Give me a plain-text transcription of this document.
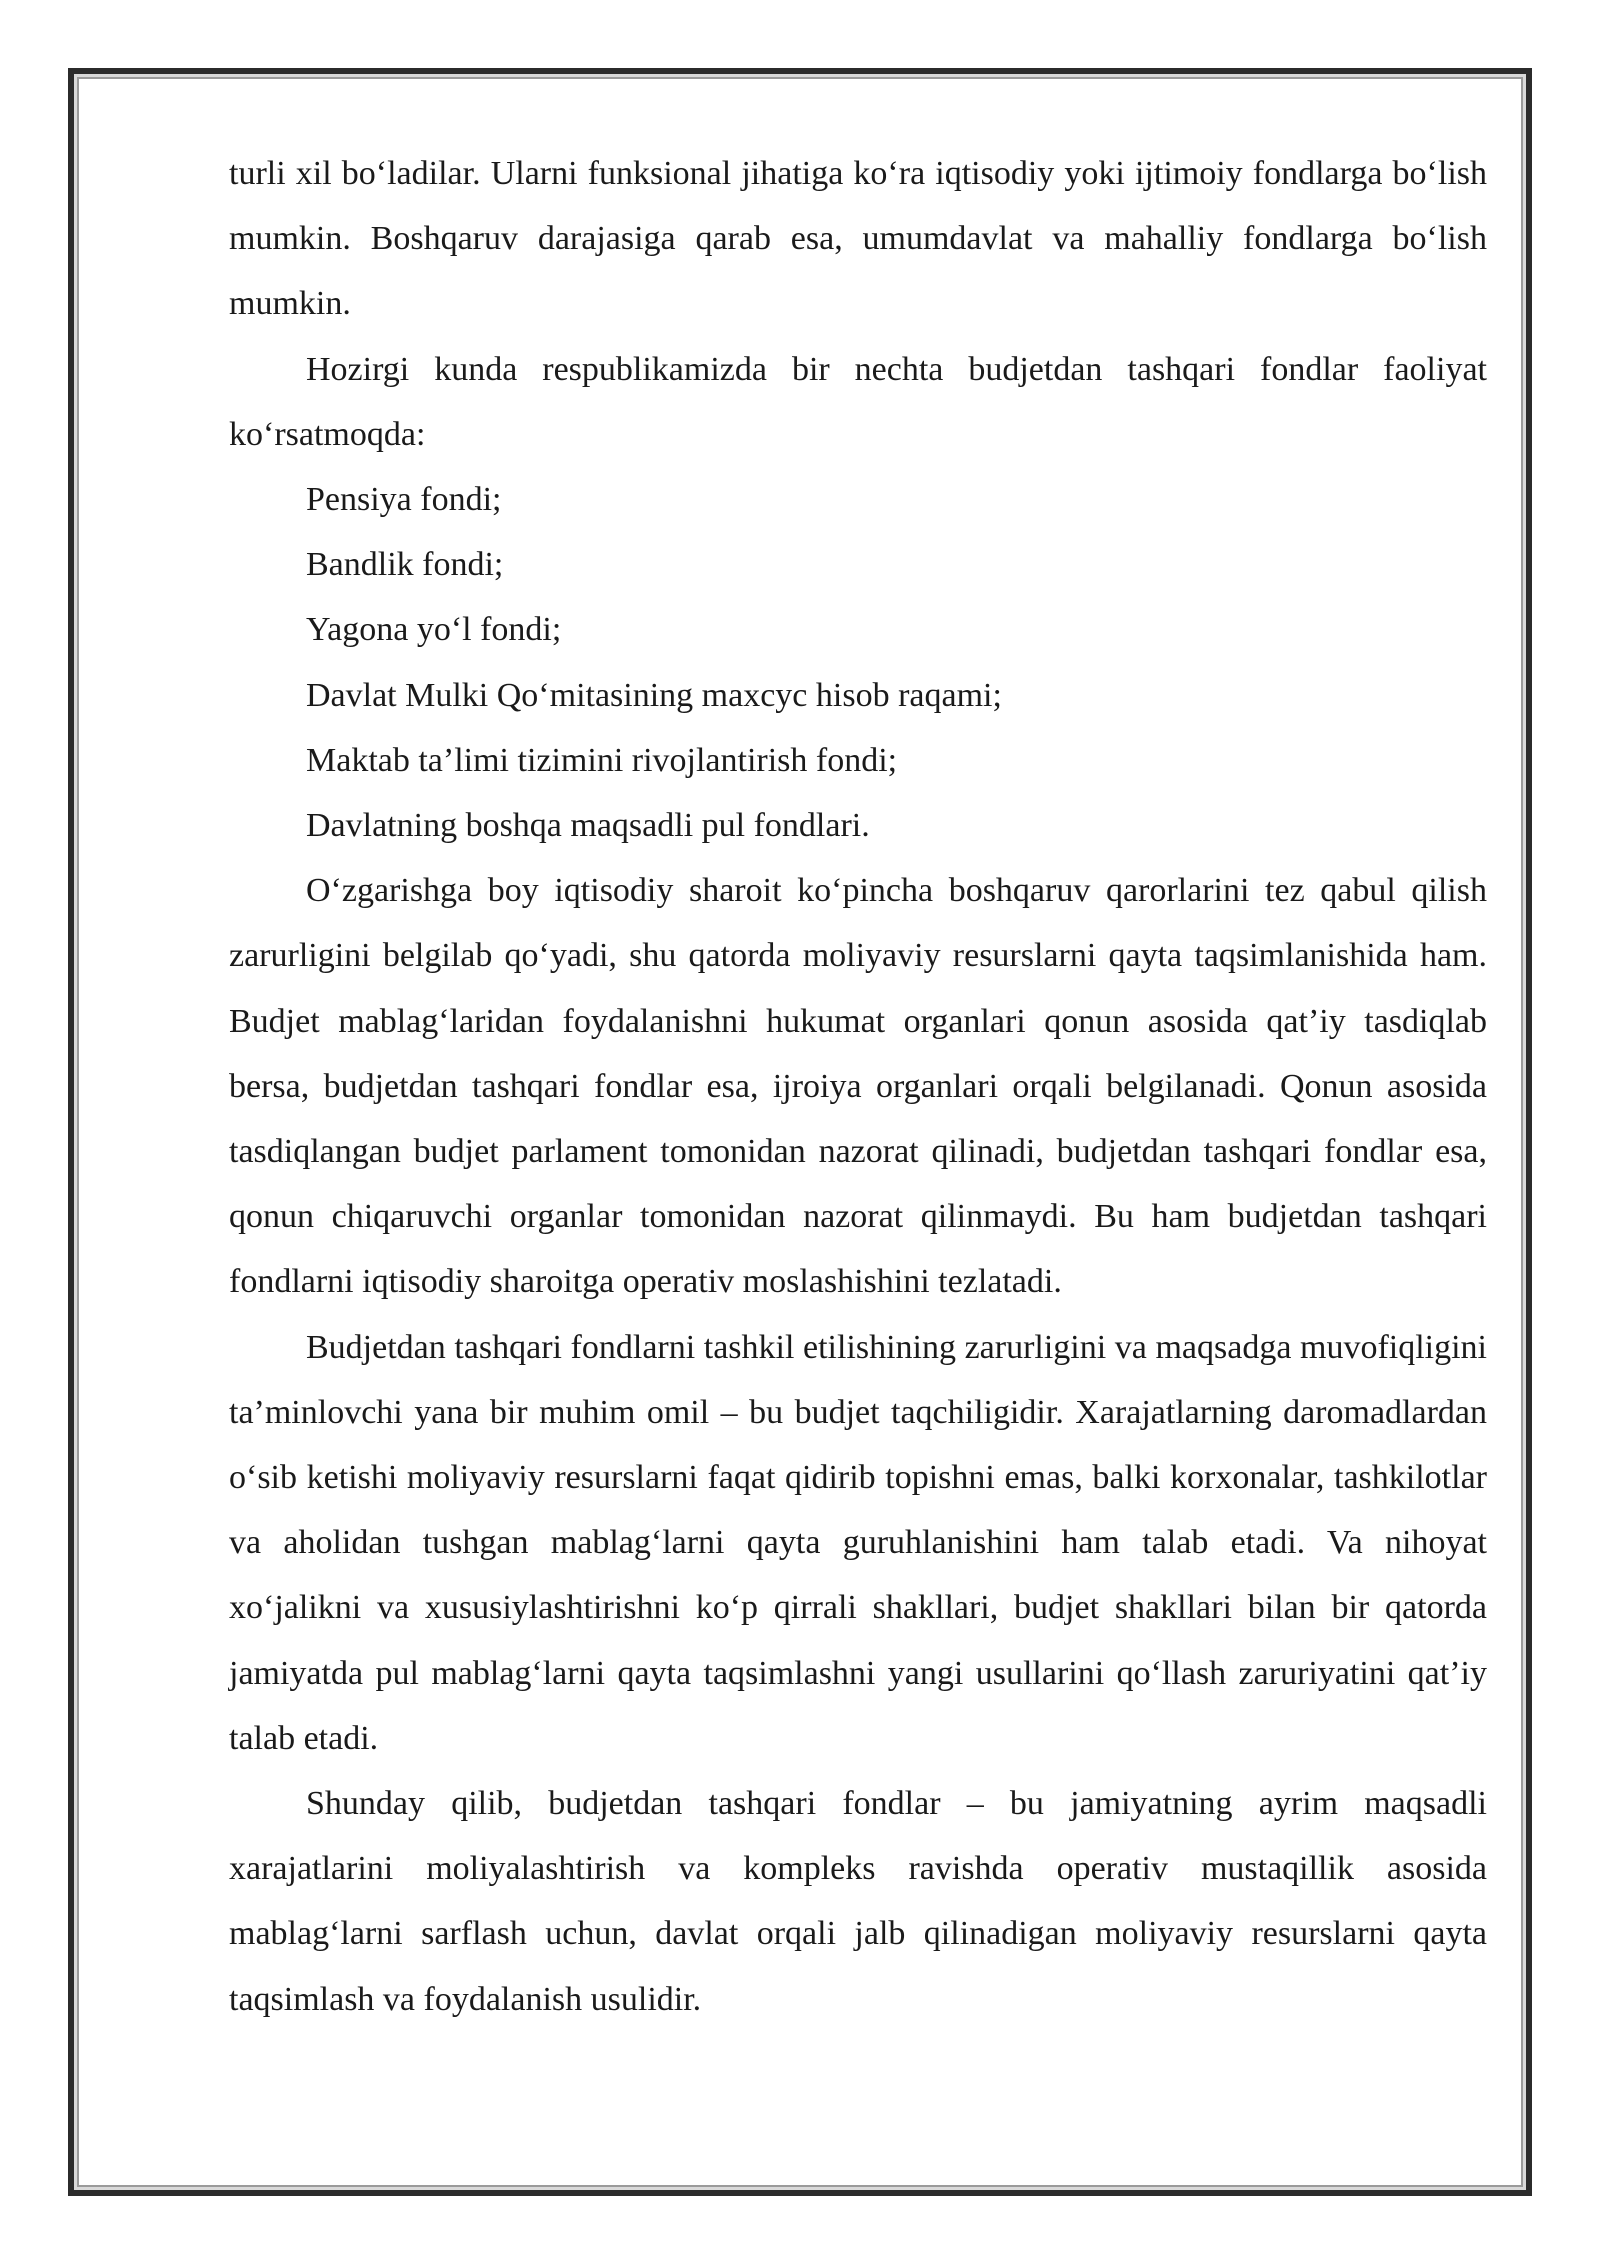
turli xil bo‘ladilar. Ularni funksional jihatiga ko‘ra iqtisodiy yoki ijtimoiy fondlarga bo‘lish mumkin. Boshqaruv darajasiga qarab esa, umumdavlat va mahalliy fondlarga bo‘lish mumkin.

Hozirgi kunda respublikamizda bir nechta budjetdan tashqari fondlar faoliyat ko‘rsatmoqda:

Pensiya fondi;
Bandlik fondi;
Yagona yo‘l fondi;
Davlat Mulki Qo‘mitasining maxcyc hisob raqami;
Maktab ta’limi tizimini rivojlantirish fondi;
Davlatning boshqa maqsadli pul fondlari.

O‘zgarishga boy iqtisodiy sharoit ko‘pincha boshqaruv qarorlarini tez qabul qilish zarurligini belgilab qo‘yadi, shu qatorda moliyaviy resurslarni qayta taqsimlanishida ham. Budjet mablag‘laridan foydalanishni hukumat organlari qonun asosida qat’iy tasdiqlab bersa, budjetdan tashqari fondlar esa, ijroiya organlari orqali belgilanadi. Qonun asosida tasdiqlangan budjet parlament tomonidan nazorat qilinadi, budjetdan tashqari fondlar esa, qonun chiqaruvchi organlar tomonidan nazorat qilinmaydi. Bu ham budjetdan tashqari fondlarni iqtisodiy sharoitga operativ moslashishini tezlatadi.

Budjetdan tashqari fondlarni tashkil etilishining zarurligini va maqsadga muvofiqligini ta’minlovchi yana bir muhim omil – bu budjet taqchiligidir. Xarajatlarning daromadlardan o‘sib ketishi moliyaviy resurslarni faqat qidirib topishni emas, balki korxonalar, tashkilotlar va aholidan tushgan mablag‘larni qayta guruhlanishini ham talab etadi. Va nihoyat xo‘jalikni va xususiylashtirishni ko‘p qirrali shakllari, budjet shakllari bilan bir qatorda jamiyatda pul mablag‘larni qayta taqsimlashni yangi usullarini qo‘llash zaruriyatini qat’iy talab etadi.

Shunday qilib, budjetdan tashqari fondlar – bu jamiyatning ayrim maqsadli xarajatlarini moliyalashtirish va kompleks ravishda operativ mustaqillik asosida mablag‘larni sarflash uchun, davlat orqali jalb qilinadigan moliyaviy resurslarni qayta taqsimlash va foydalanish usulidir.
